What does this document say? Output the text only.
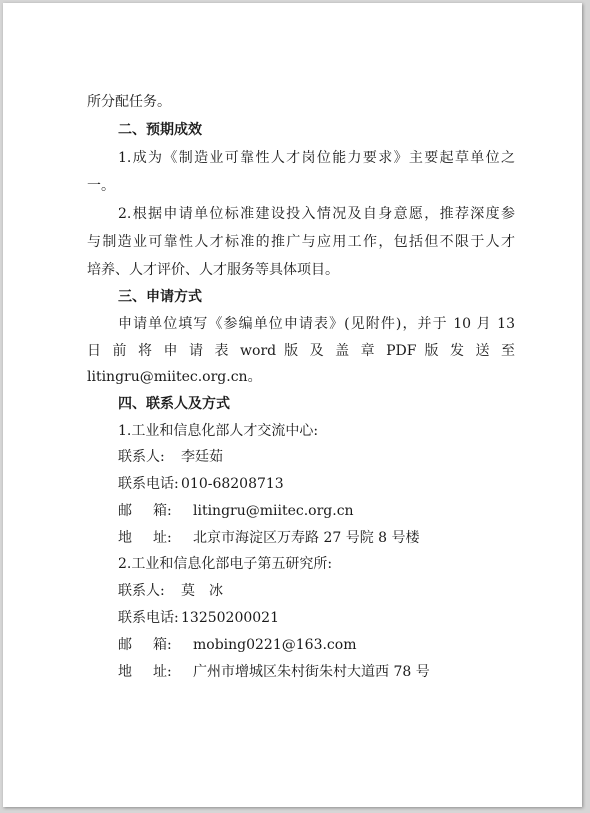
所分配任务。
二、预期成效
1.成为《制造业可靠性人才岗位能力要求》主要起草单位之
一。
2.根据申请单位标准建设投入情况及自身意愿，推荐深度参
与制造业可靠性人才标准的推广与应用工作，包括但不限于人才
培养、人才评价、人才服务等具体项目。
三、申请方式
申请单位填写《参编单位申请表》(见附件)，并于 10 月 13
日 前 将 申 请 表 word 版 及 盖 章 PDF 版 发 送 至
litingru@miitec.org.cn。
四、联系人及方式
1.工业和信息化部人才交流中心:
联系人:	李廷茹
联系电话: 010-68208713
邮 箱:	litingru@miitec.org.cn
地 址:	北京市海淀区万寿路 27 号院 8 号楼
2.工业和信息化部电子第五研究所:
联系人:	莫　冰
联系电话: 13250200021
邮 箱:	mobing0221@163.com
地 址:	广州市增城区朱村街朱村大道西 78 号
